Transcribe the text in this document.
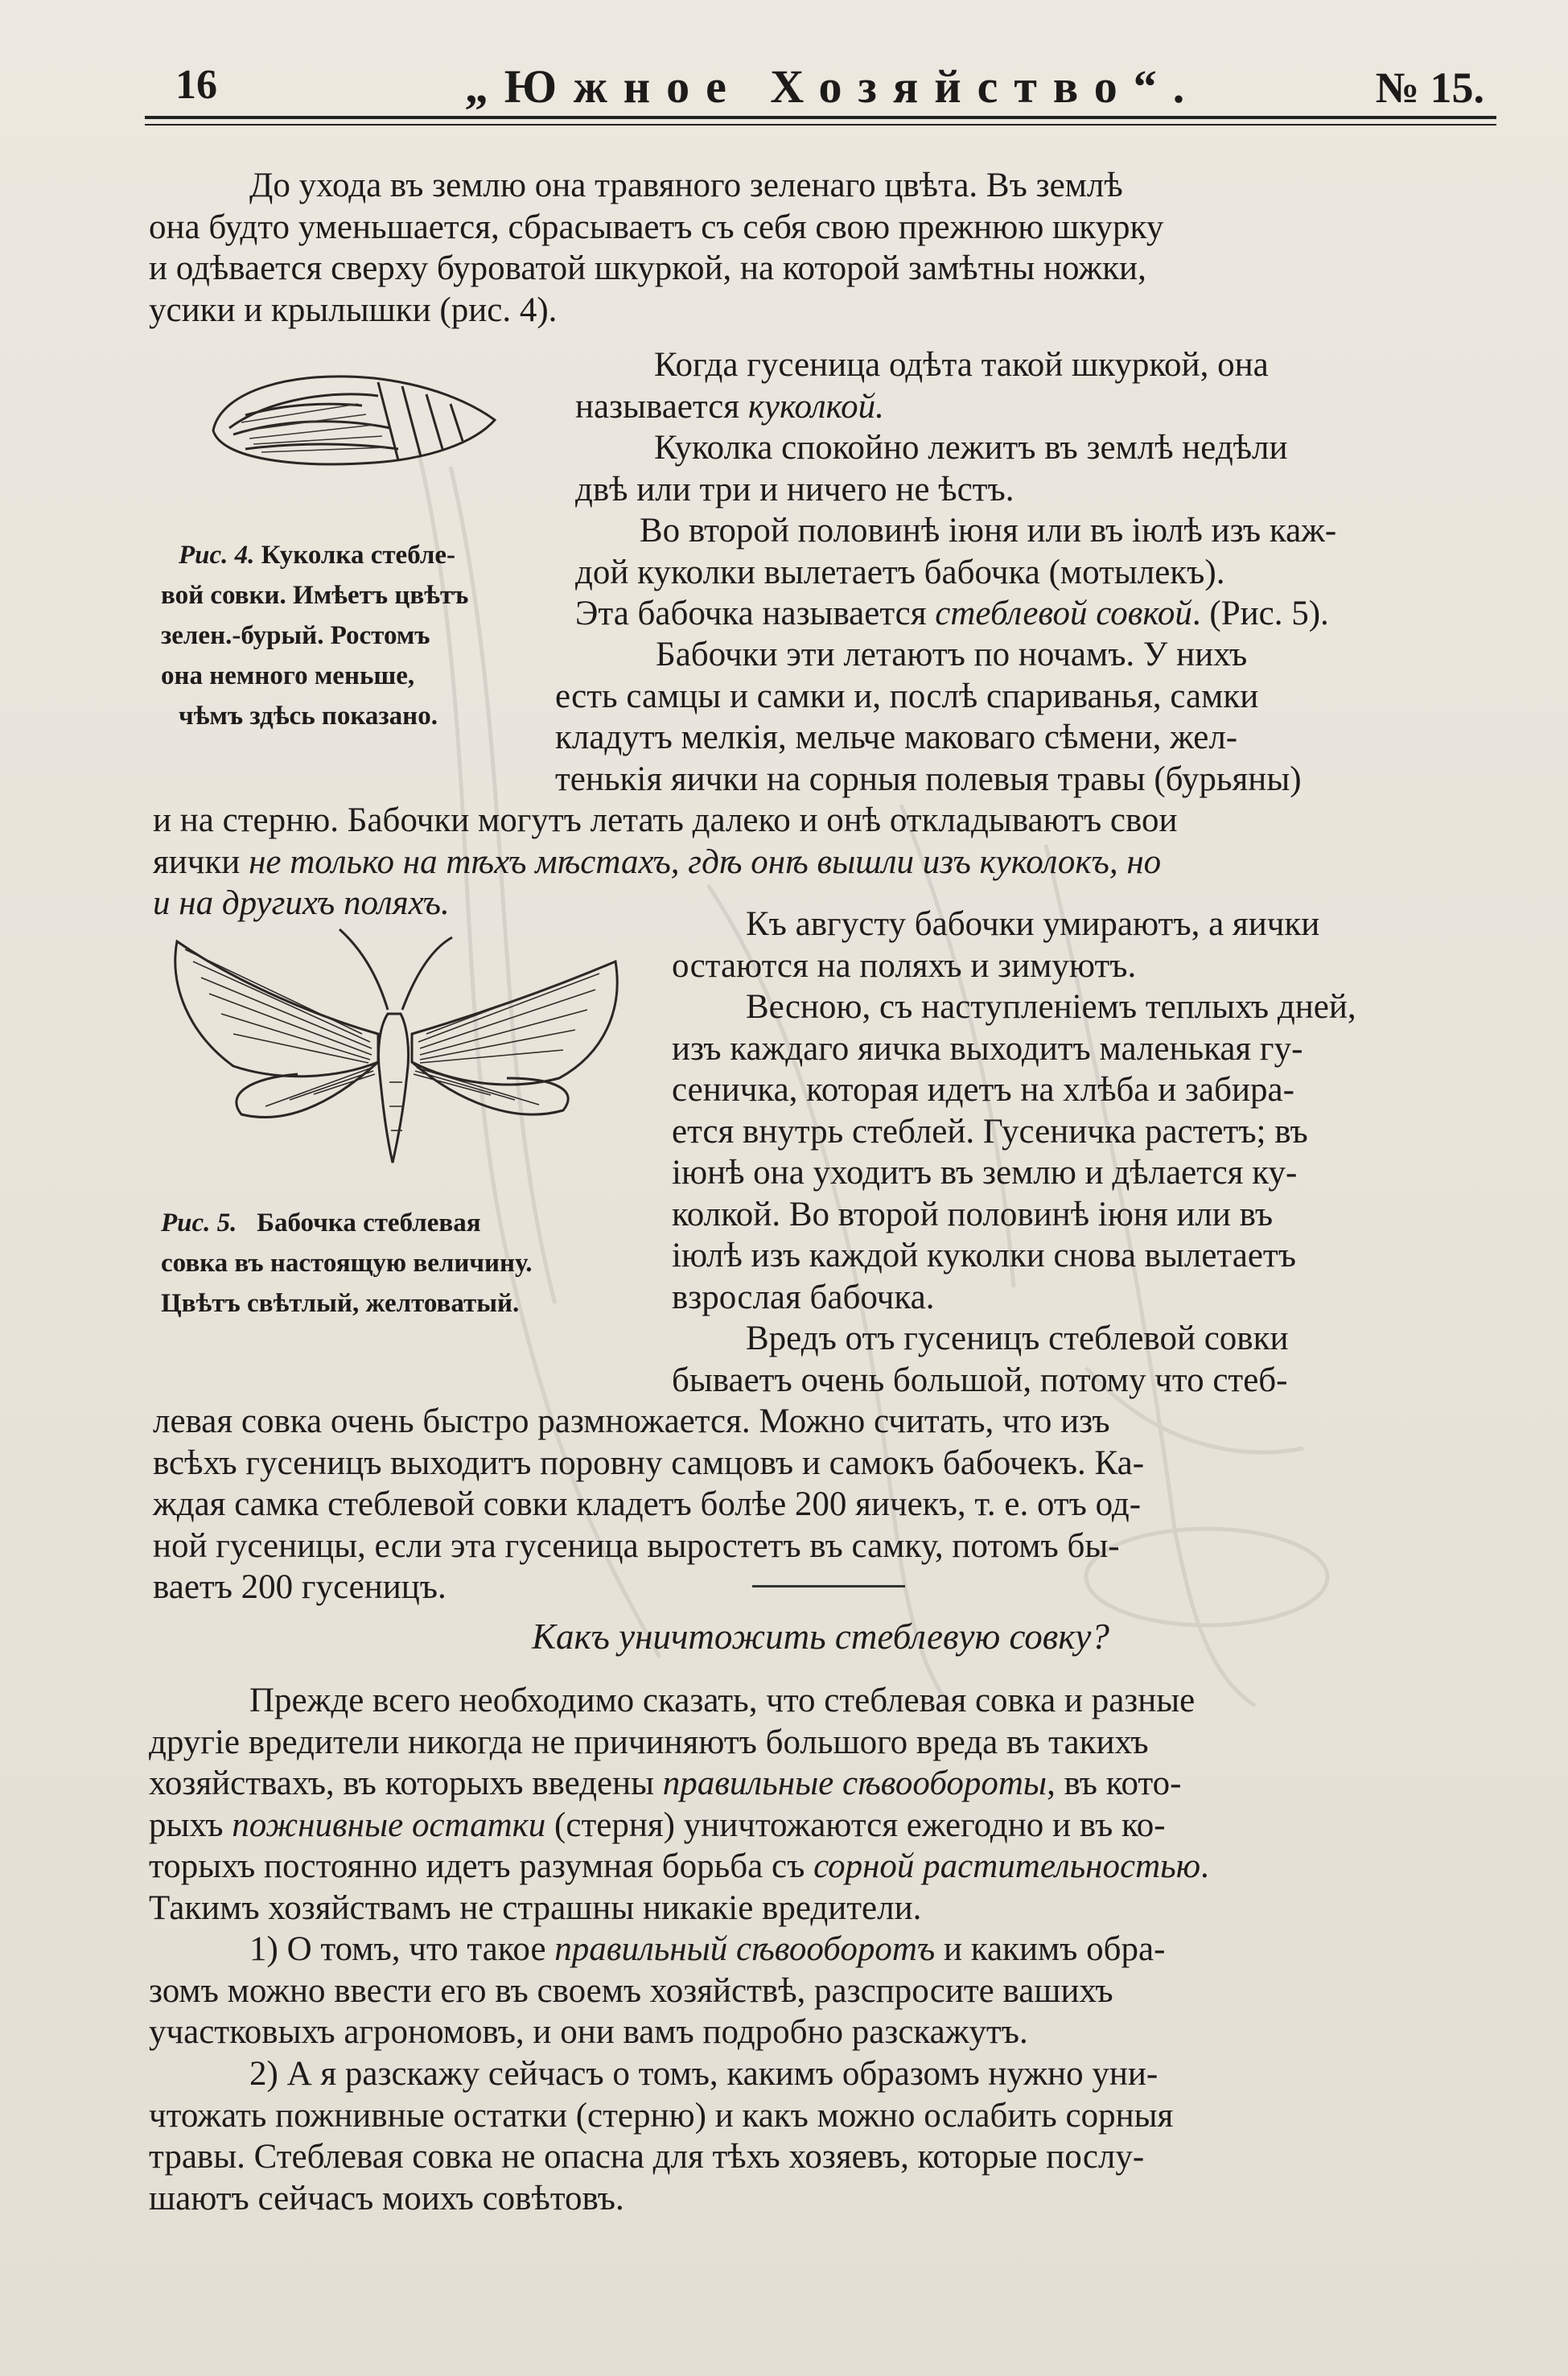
16	„Южное Хозяйство“.	№ 15.

До ухода въ землю она травяного зеленаго цвѣта. Въ землѣ
она будто уменьшается, сбрасываетъ съ себя свою прежнюю шкурку
и одѣвается сверху буроватой шкуркой, на которой замѣтны ножки,
усики и крылышки (рис. 4).

Когда гусеница одѣта такой шкуркой, она
называется куколкой.

Куколка спокойно лежитъ въ землѣ недѣли
двѣ или три и ничего не ѣстъ.

Во второй половинѣ іюня или въ іюлѣ изъ каж-
дой куколки вылетаетъ бабочка (мотылекъ).
Эта бабочка называется стеблевой совкой. (Рис. 5).

Бабочки эти летаютъ по ночамъ. У нихъ
есть самцы и самки и, послѣ спариванья, самки
кладутъ мелкія, мельче маковаго сѣмени, жел-
тенькія яички на сорныя полевыя травы (бурьяны)

Рис. 4. Куколка стебле-
вой совки. Имѣетъ цвѣтъ
зелен.-бурый. Ростомъ
она немного меньше,
чѣмъ здѣсь показано.

и на стерню. Бабочки могутъ летать далеко и онѣ откладываютъ свои
яички не только на тѣхъ мѣстахъ, гдѣ онѣ вышли изъ куколокъ, но
и на другихъ поляхъ.

Къ августу бабочки умираютъ, а яички
остаются на поляхъ и зимуютъ.

Весною, съ наступленіемъ теплыхъ дней,
изъ каждаго яичка выходитъ маленькая гу-
сеничка, которая идетъ на хлѣба и забира-
ется внутрь стеблей. Гусеничка растетъ; въ
іюнѣ она уходитъ въ землю и дѣлается ку-
колкой. Во второй половинѣ іюня или въ
іюлѣ изъ каждой куколки снова вылетаетъ
взрослая бабочка.

Вредъ отъ гусеницъ стеблевой совки
бываетъ очень большой, потому что стеб-

Рис. 5. Бабочка стеблевая
совка въ настоящую величину.
Цвѣтъ свѣтлый, желтоватый.

левая совка очень быстро размножается. Можно считать, что изъ
всѣхъ гусеницъ выходитъ поровну самцовъ и самокъ бабочекъ. Ка-
ждая самка стеблевой совки кладетъ болѣе 200 яичекъ, т. е. отъ од-
ной гусеницы, если эта гусеница выростетъ въ самку, потомъ бы-
ваетъ 200 гусеницъ.

Какъ уничтожить стеблевую совку?

Прежде всего необходимо сказать, что стеблевая совка и разные
другіе вредители никогда не причиняютъ большого вреда въ такихъ
хозяйствахъ, въ которыхъ введены правильные сѣвообороты, въ кото-
рыхъ пожнивные остатки (стерня) уничтожаются ежегодно и въ ко-
торыхъ постоянно идетъ разумная борьба съ сорной растительностью.
Такимъ хозяйствамъ не страшны никакіе вредители.

1) О томъ, что такое правильный сѣвооборотъ и какимъ обра-
зомъ можно ввести его въ своемъ хозяйствѣ, разспросите вашихъ
участковыхъ агрономовъ, и они вамъ подробно разскажутъ.

2) А я разскажу сейчасъ о томъ, какимъ образомъ нужно уни-
чтожать пожнивные остатки (стерню) и какъ можно ослабить сорныя
травы. Стеблевая совка не опасна для тѣхъ хозяевъ, которые послу-
шаютъ сейчасъ моихъ совѣтовъ.
